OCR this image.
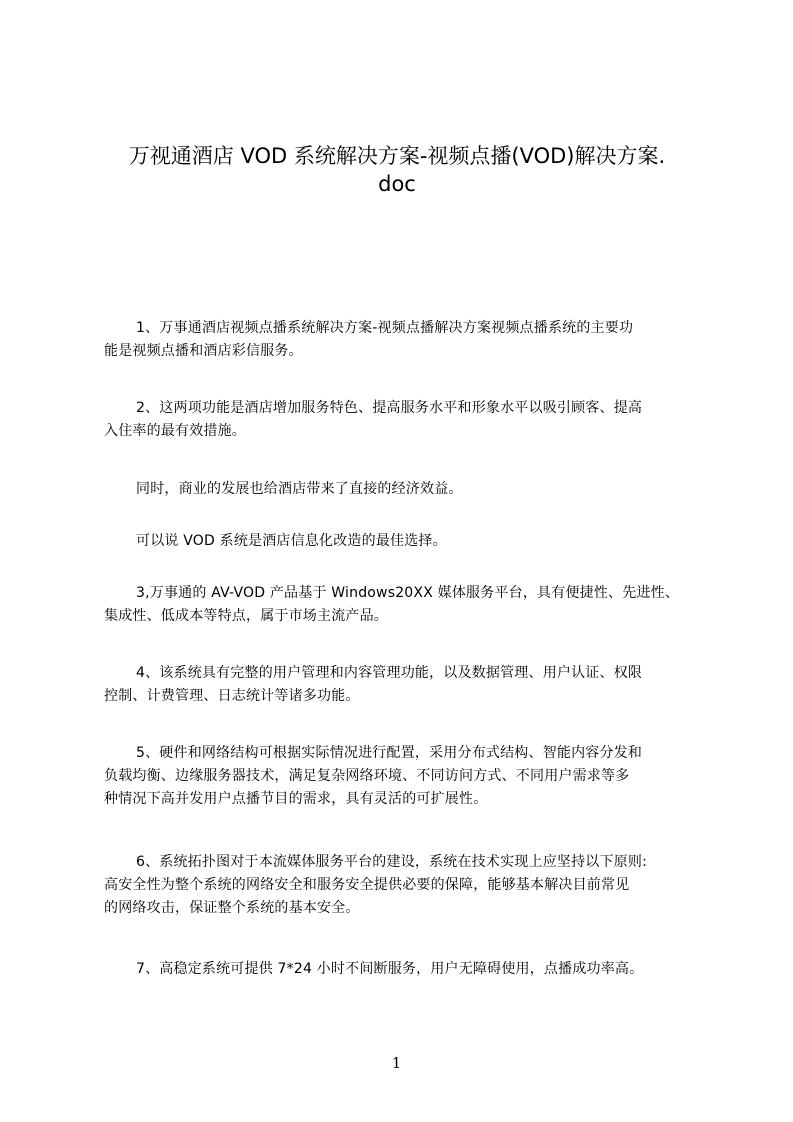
万视通酒店 VOD 系统解决方案-视频点播(VOD)解决方案.
doc

1、万事通酒店视频点播系统解决方案-视频点播解决方案视频点播系统的主要功
能是视频点播和酒店彩信服务。

2、这两项功能是酒店增加服务特色、提高服务水平和形象水平以吸引顾客、提高
入住率的最有效措施。

同时，商业的发展也给酒店带来了直接的经济效益。

可以说 VOD 系统是酒店信息化改造的最佳选择。

3,万事通的 AV-VOD 产品基于 Windows20XX 媒体服务平台，具有便捷性、先进性、
集成性、低成本等特点，属于市场主流产品。

4、该系统具有完整的用户管理和内容管理功能，以及数据管理、用户认证、权限
控制、计费管理、日志统计等诸多功能。

5、硬件和网络结构可根据实际情况进行配置，采用分布式结构、智能内容分发和
负载均衡、边缘服务器技术，满足复杂网络环境、不同访问方式、不同用户需求等多
种情况下高并发用户点播节目的需求，具有灵活的可扩展性。

6、系统拓扑图对于本流媒体服务平台的建设，系统在技术实现上应坚持以下原则:
高安全性为整个系统的网络安全和服务安全提供必要的保障，能够基本解决目前常见
的网络攻击，保证整个系统的基本安全。

7、高稳定系统可提供 7*24 小时不间断服务，用户无障碍使用，点播成功率高。

1
